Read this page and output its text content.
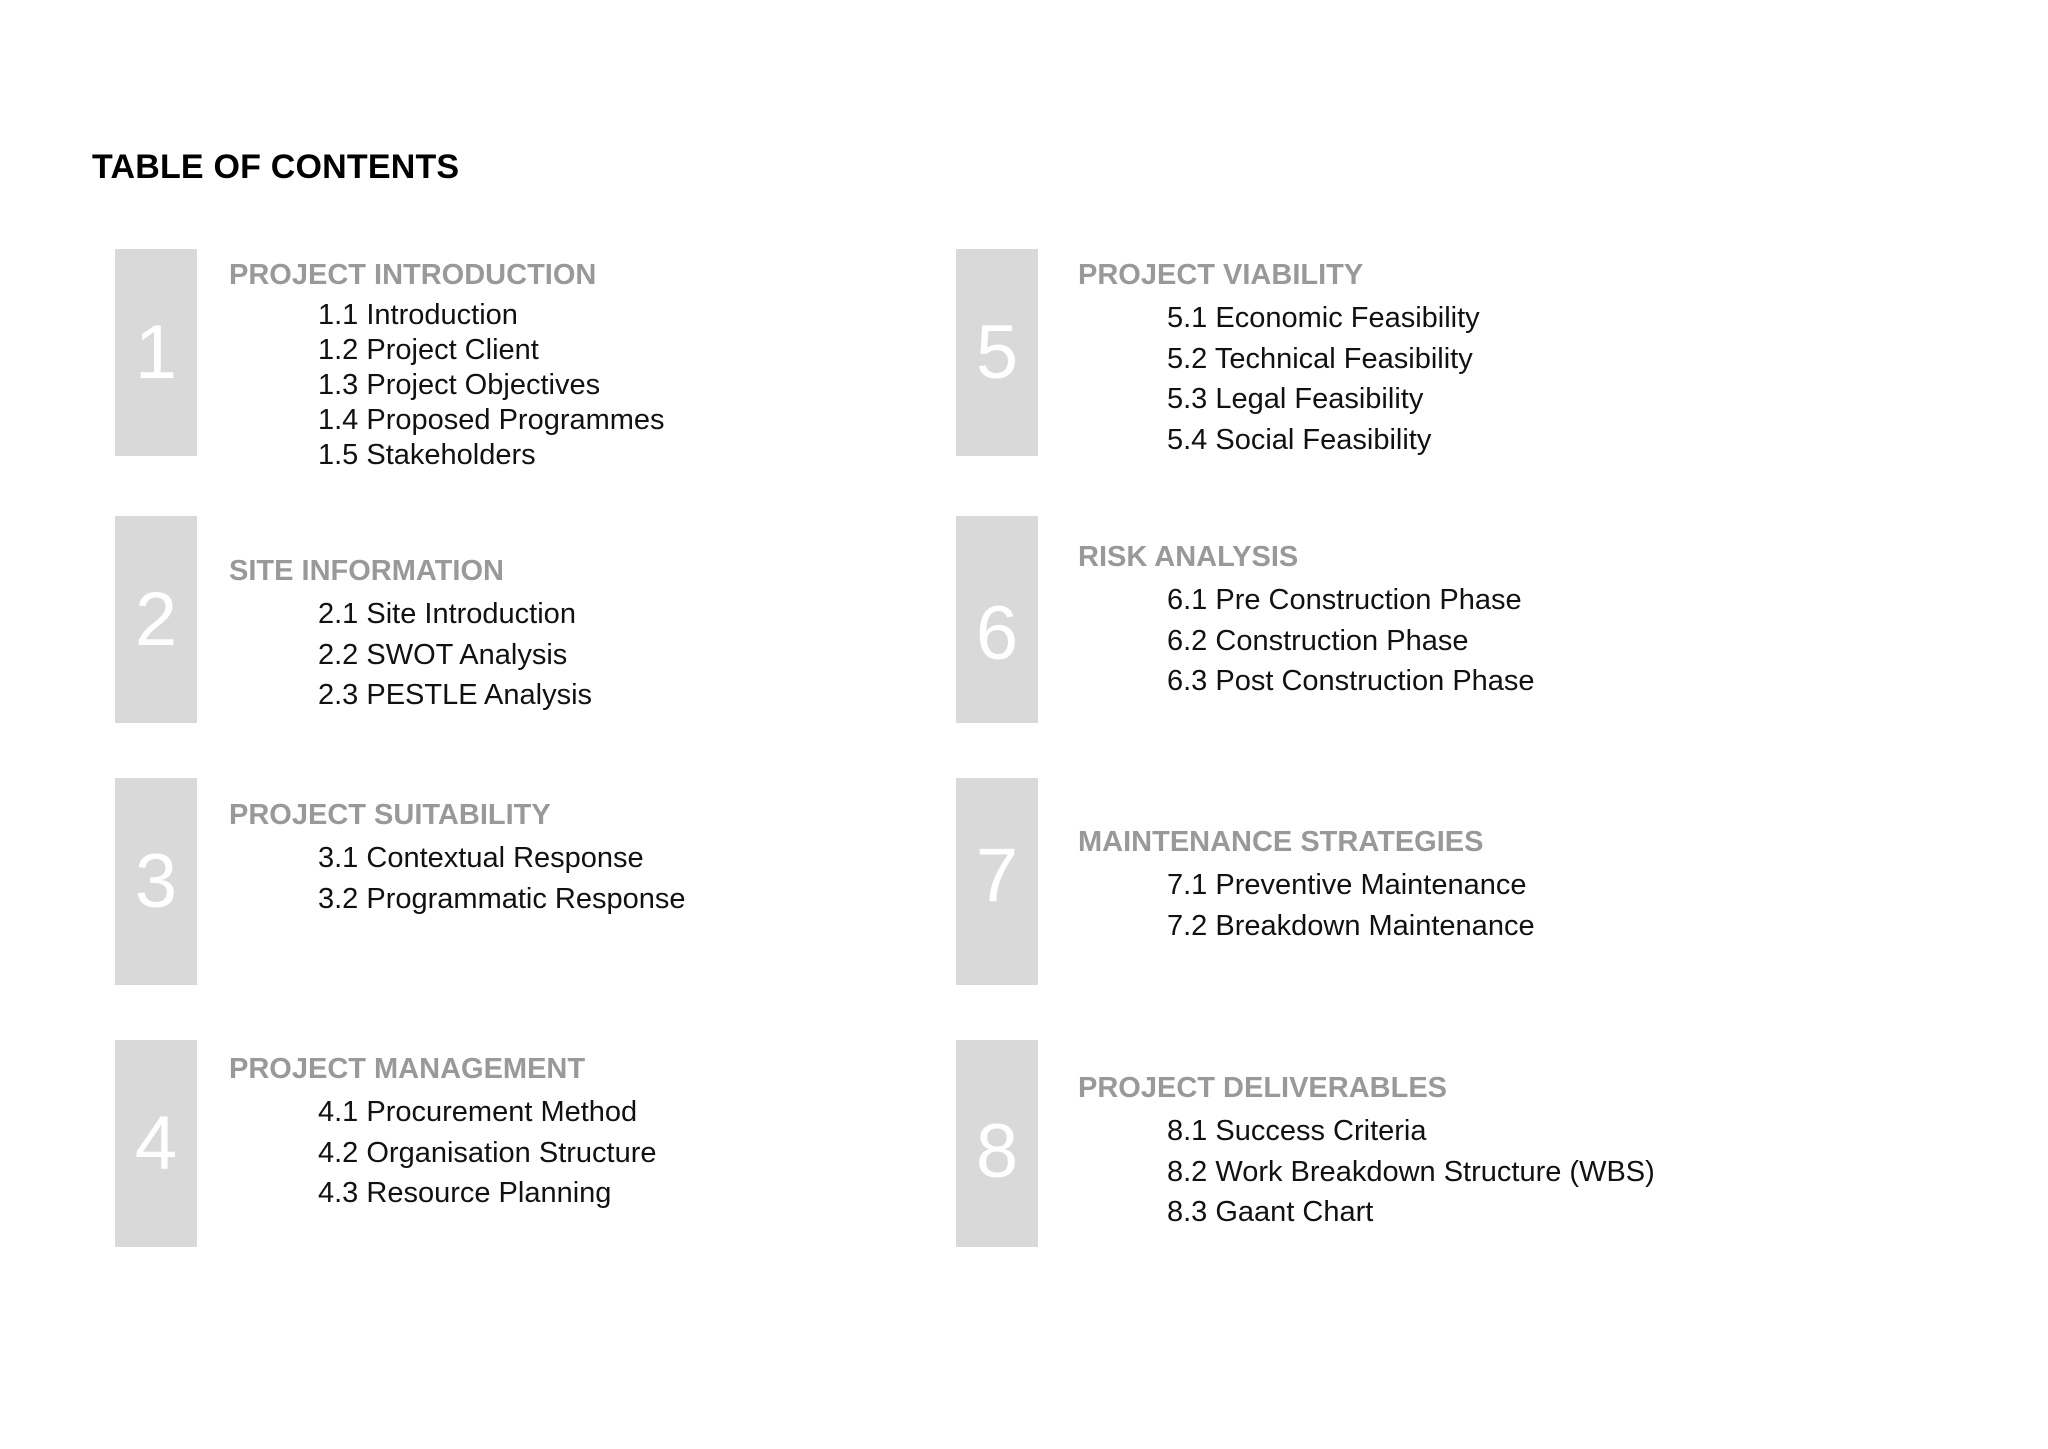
TABLE OF CONTENTS
1
PROJECT INTRODUCTION
1.1 Introduction
1.2 Project Client
1.3 Project Objectives
1.4 Proposed Programmes
1.5 Stakeholders
2
SITE INFORMATION
2.1 Site Introduction
2.2 SWOT Analysis
2.3 PESTLE Analysis
3
PROJECT SUITABILITY
3.1 Contextual Response
3.2 Programmatic Response
4
PROJECT MANAGEMENT
4.1 Procurement Method
4.2 Organisation Structure
4.3 Resource Planning
5
PROJECT VIABILITY
5.1 Economic Feasibility
5.2 Technical Feasibility
5.3 Legal Feasibility
5.4 Social Feasibility
6
RISK ANALYSIS
6.1 Pre Construction Phase
6.2 Construction Phase
6.3 Post Construction Phase
7	MAINTENANCE STRATEGIES
7.1 Preventive Maintenance
7.2 Breakdown Maintenance
8
PROJECT DELIVERABLES
8.1 Success Criteria
8.2 Work Breakdown Structure (WBS)
8.3 Gaant Chart
